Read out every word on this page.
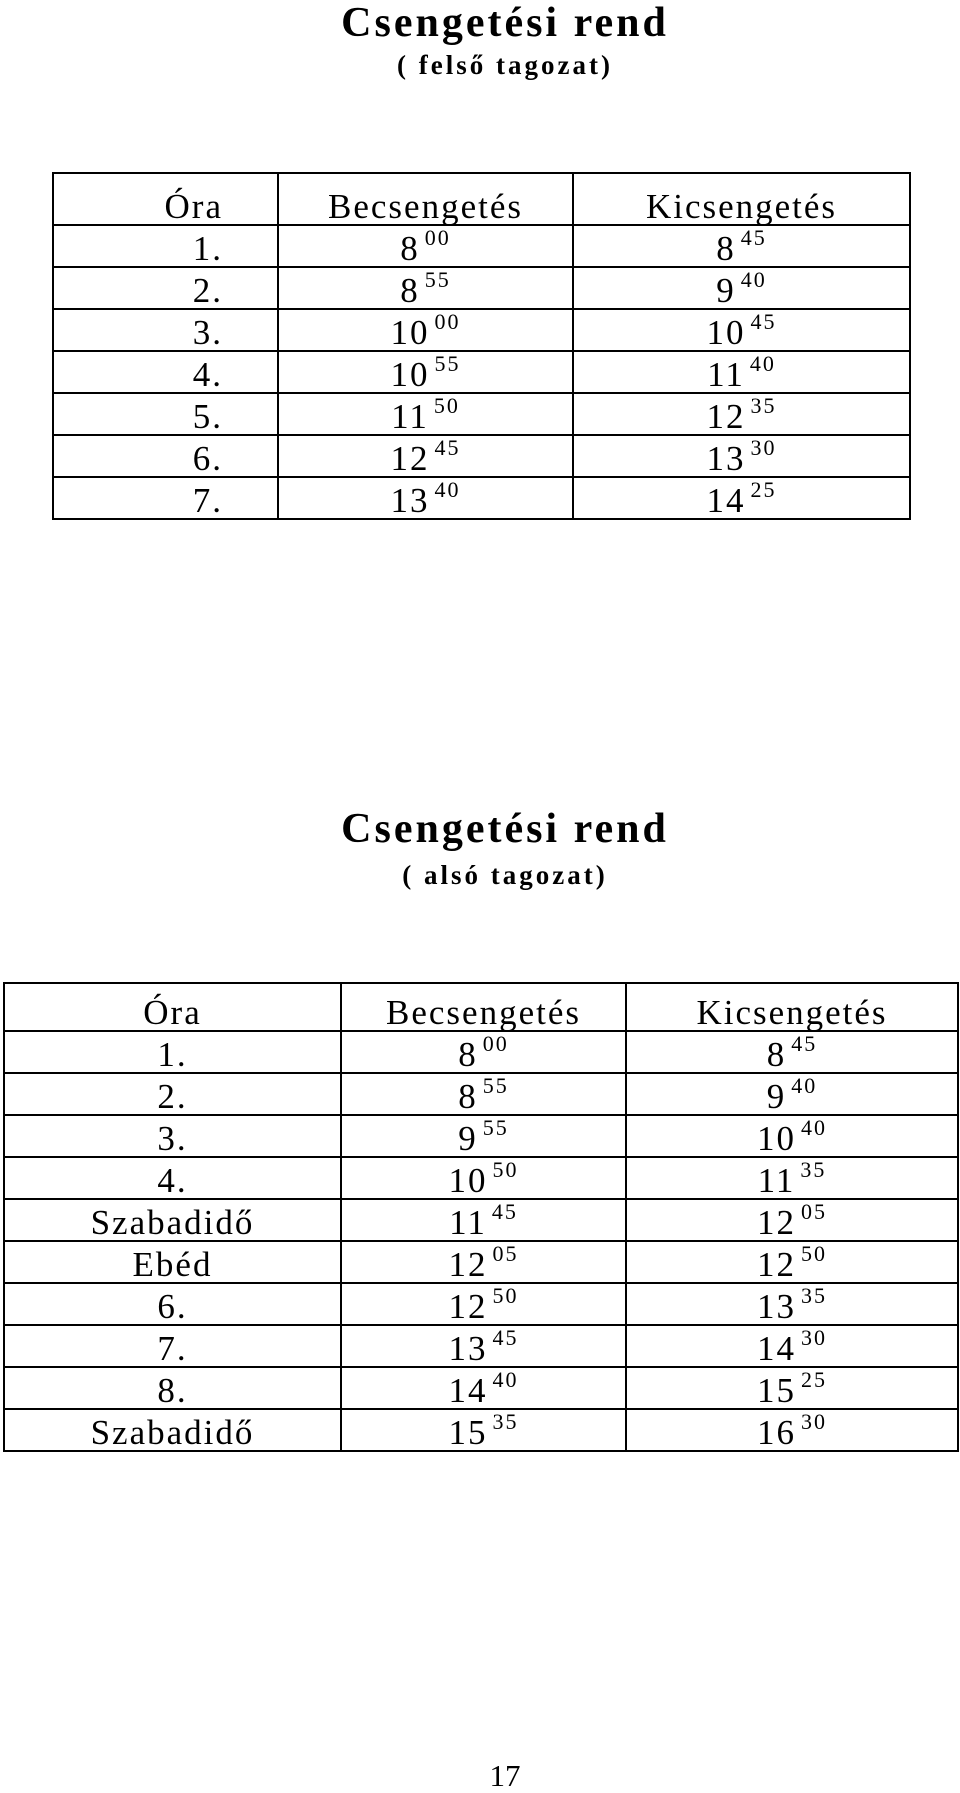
Csengetési rend
( felső tagozat)
Óra	Becsengetés	Kicsengetés
1.	8 $^{00}$	8 $^{45}$
2.	8 $^{55}$	9 $^{40}$
3.	10 $^{00}$	10 $^{45}$
4.	10 $^{55}$	11 $^{40}$
5.	11 $^{50}$	12 $^{35}$
6.	12 $^{45}$	13 $^{30}$
7.	13 $^{40}$	14 $^{25}$
Csengetési rend
( alsó tagozat)
Óra	Becsengetés	Kicsengetés
1.	8 $^{00}$	8 $^{45}$
2.	8 $^{55}$	9 $^{40}$
3.	9 $^{55}$	10 $^{40}$
4.	10 $^{50}$	11 $^{35}$
Szabadidő	11 $^{45}$	12 $^{05}$
Ebéd	12 $^{05}$	12 $^{50}$
6.	12 $^{50}$	13 $^{35}$
7.	13 $^{45}$	14 $^{30}$
8.	14 $^{40}$	15 $^{25}$
Szabadidő	15 $^{35}$	16 $^{30}$
17
